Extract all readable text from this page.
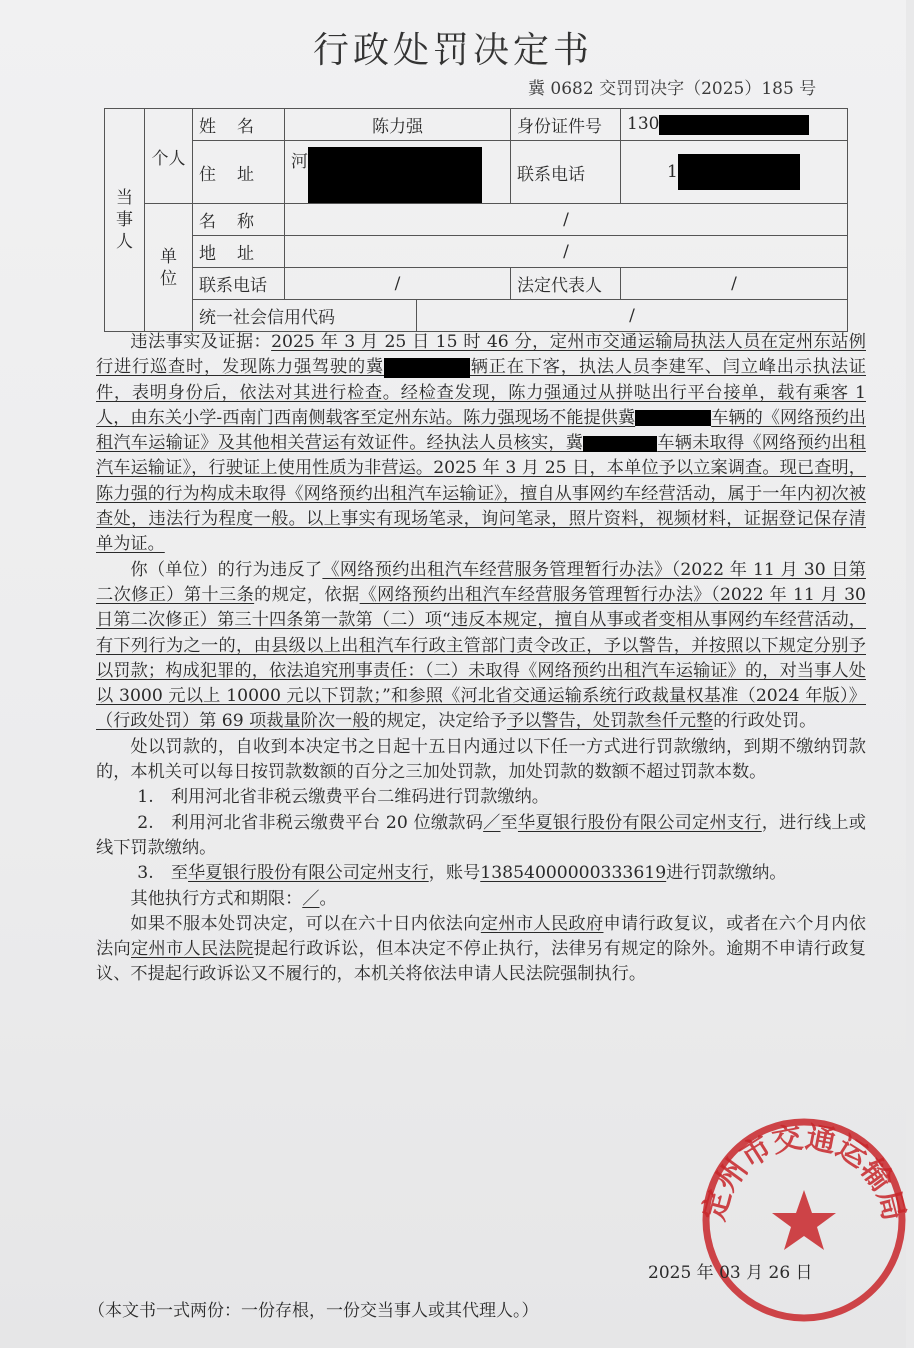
行政处罚决定书
冀 0682 交罚罚决字（2025）185 号
当事人	个人	姓　名	陈力强		身份证件号	130
		住　址	河		联系电话	1
	单位	名　称	/			
		地　址	/			
		联系电话	/		法定代表人	/
		统一社会信用代码		/		

违法事实及证据：2025 年 3 月 25 日 15 时 46 分，定州市交通运输局执法人员在定州东站例行进行巡查时，发现陈力强驾驶的冀	辆正在下客，执法人员李建军、闫立峰出示执法证件，表明身份后，依法对其进行检查。经检查发现，陈力强通过从拼哒出行平台接单，载有乘客 1 人，由东关小学-西南门西南侧载客至定州东站。陈力强现场不能提供冀	车辆的《网络预约出租汽车运输证》及其他相关营运有效证件。经执法人员核实，冀	车辆未取得《网络预约出租汽车运输证》，行驶证上使用性质为非营运。2025 年 3 月 25 日，本单位予以立案调查。现已查明，陈力强的行为构成未取得《网络预约出租汽车运输证》，擅自从事网约车经营活动，属于一年内初次被查处，违法行为程度一般。以上事实有现场笔录，询问笔录，照片资料，视频材料，证据登记保存清单为证。

你（单位）的行为违反了《网络预约出租汽车经营服务管理暂行办法》（2022 年 11 月 30 日第二次修正）第十三条的规定，依据《网络预约出租汽车经营服务管理暂行办法》（2022 年 11 月 30 日第二次修正）第三十四条第一款第（二）项“违反本规定，擅自从事或者变相从事网约车经营活动，有下列行为之一的，由县级以上出租汽车行政主管部门责令改正，予以警告，并按照以下规定分别予以罚款；构成犯罪的，依法追究刑事责任：（二）未取得《网络预约出租汽车运输证》的，对当事人处以 3000 元以上 10000 元以下罚款；”和参照《河北省交通运输系统行政裁量权基准（2024 年版）》（行政处罚）第 69 项裁量阶次一般的规定，决定给予予以警告，处罚款叁仟元整的行政处罚。

处以罚款的，自收到本决定书之日起十五日内通过以下任一方式进行罚款缴纳，到期不缴纳罚款的，本机关可以每日按罚款数额的百分之三加处罚款，加处罚款的数额不超过罚款本数。

1.　利用河北省非税云缴费平台二维码进行罚款缴纳。

2.　利用河北省非税云缴费平台 20 位缴款码／至华夏银行股份有限公司定州支行，进行线上或线下罚款缴纳。

3.　至华夏银行股份有限公司定州支行，账号13854000000333619进行罚款缴纳。

其他执行方式和期限：／。

如果不服本处罚决定，可以在六十日内依法向定州市人民政府申请行政复议，或者在六个月内依法向定州市人民法院提起行政诉讼，但本决定不停止执行，法律另有规定的除外。逾期不申请行政复议、不提起行政诉讼又不履行的，本机关将依法申请人民法院强制执行。

定州市交通运输局
2025 年 03 月 26 日
（本文书一式两份：一份存根，一份交当事人或其代理人。）
